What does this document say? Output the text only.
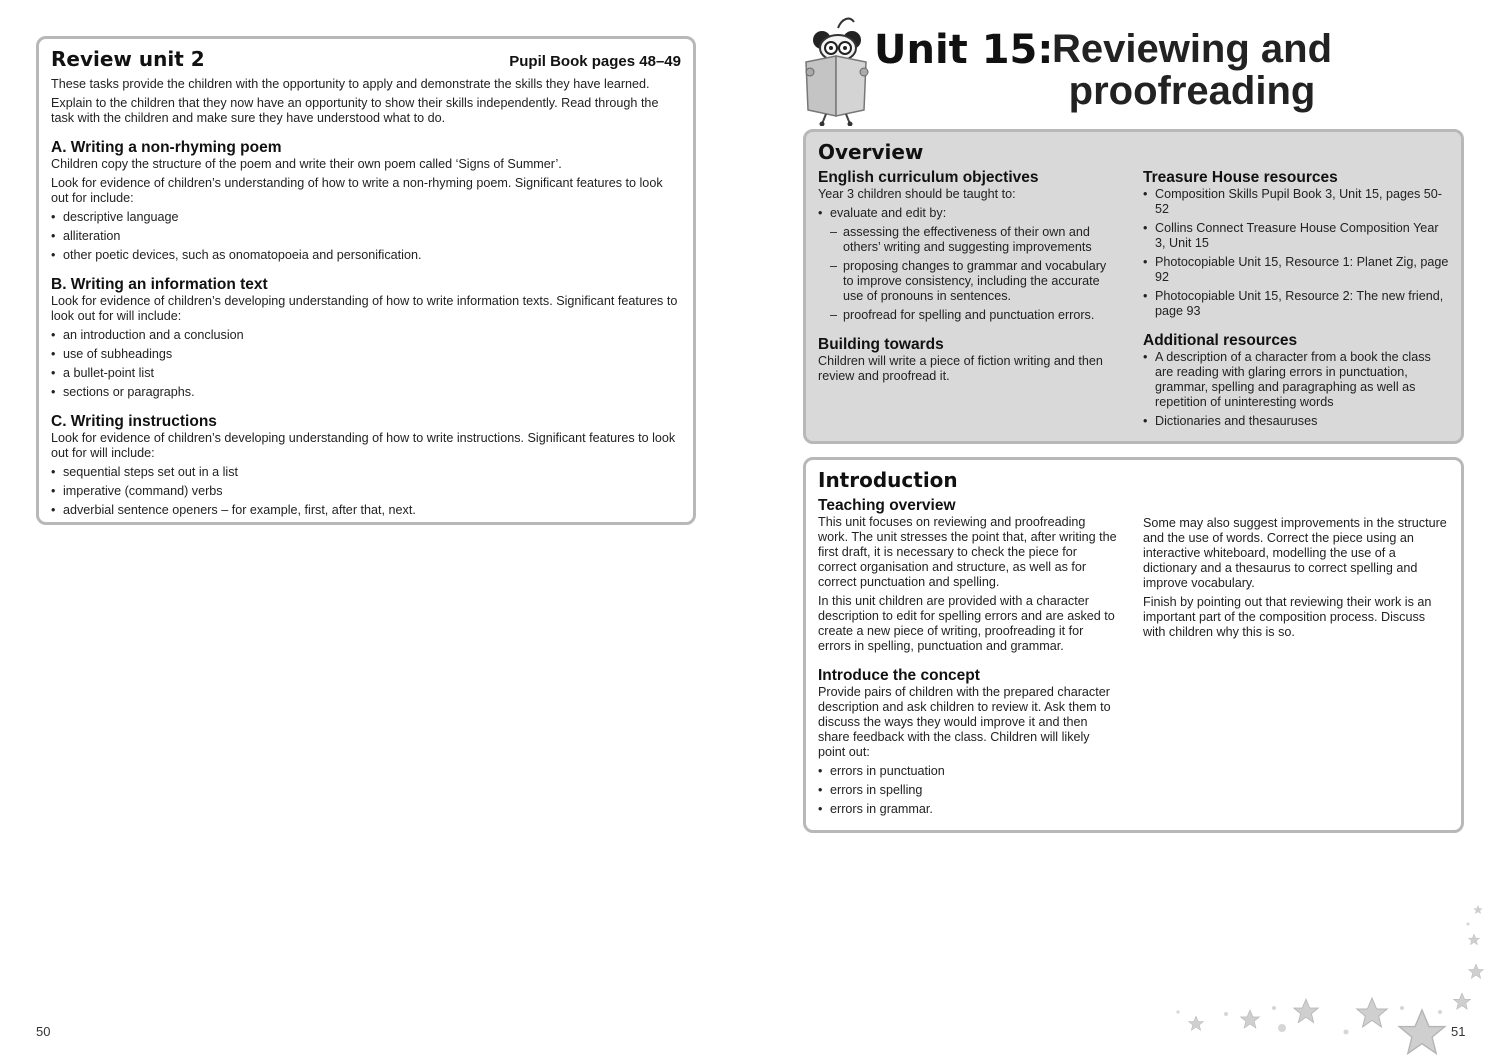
Review unit 2	Pupil Book pages 48–49

These tasks provide the children with the opportunity to apply and demonstrate the skills they have learned.

Explain to the children that they now have an opportunity to show their skills independently. Read through the task with the children and make sure they have understood what to do.

A. Writing a non-rhyming poem

Children copy the structure of the poem and write their own poem called ‘Signs of Summer’.

Look for evidence of children’s understanding of how to write a non-rhyming poem. Significant features to look out for include:

• descriptive language
• alliteration
• other poetic devices, such as onomatopoeia and personification.
B. Writing an information text

Look for evidence of children’s developing understanding of how to write information texts. Significant features to look out for will include:

• an introduction and a conclusion
• use of subheadings
• a bullet-point list
• sections or paragraphs.
C. Writing instructions

Look for evidence of children’s developing understanding of how to write instructions. Significant features to look out for will include:

• sequential steps set out in a list
• imperative (command) verbs
• adverbial sentence openers – for example, first, after that, next.
Unit 15:
Reviewing and
proofreading
Overview
English curriculum objectives

Year 3 children should be taught to:

• evaluate and edit by:
– assessing the effectiveness of their own and others’ writing and suggesting improvements
– proposing changes to grammar and vocabulary to improve consistency, including the accurate use of pronouns in sentences.
– proofread for spelling and punctuation errors.
Building towards

Children will write a piece of fiction writing and then review and proofread it.

Treasure House resources
• Composition Skills Pupil Book 3, Unit 15, pages 50-52
• Collins Connect Treasure House Composition Year 3, Unit 15
• Photocopiable Unit 15, Resource 1: Planet Zig, page 92
• Photocopiable Unit 15, Resource 2: The new friend, page 93
Additional resources
• A description of a character from a book the class are reading with glaring errors in punctuation, grammar, spelling and paragraphing as well as repetition of uninteresting words
• Dictionaries and thesauruses
Introduction
Teaching overview

This unit focuses on reviewing and proofreading work. The unit stresses the point that, after writing the first draft, it is necessary to check the piece for correct organisation and structure, as well as for correct punctuation and spelling.

In this unit children are provided with a character description to edit for spelling errors and are asked to create a new piece of writing, proofreading it for errors in spelling, punctuation and grammar.

Introduce the concept

Provide pairs of children with the prepared character description and ask children to review it. Ask them to discuss the ways they would improve it and then share feedback with the class. Children will likely point out:

• errors in punctuation
• errors in spelling
• errors in grammar.

Some may also suggest improvements in the structure and the use of words. Correct the piece using an interactive whiteboard, modelling the use of a dictionary and a thesaurus to correct spelling and improve vocabulary.

Finish by pointing out that reviewing their work is an important part of the composition process. Discuss with children why this is so.

50	51
